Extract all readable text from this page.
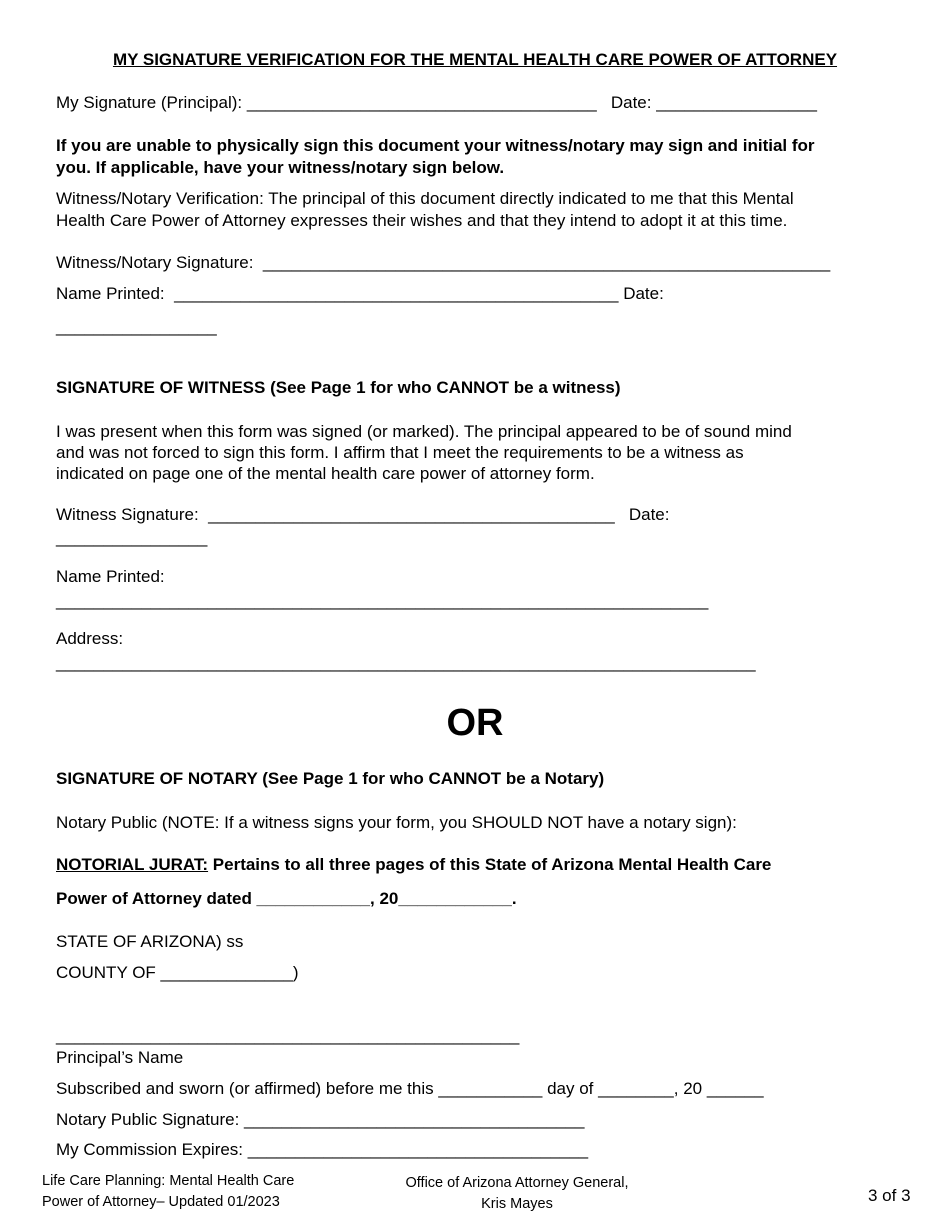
MY SIGNATURE VERIFICATION FOR THE MENTAL HEALTH CARE POWER OF ATTORNEY
My Signature (Principal): _____________________________________   Date: _________________
If you are unable to physically sign this document your witness/notary may sign and initial for
you. If applicable, have your witness/notary sign below.
Witness/Notary Verification: The principal of this document directly indicated to me that this Mental
Health Care Power of Attorney expresses their wishes and that they intend to adopt it at this time.
Witness/Notary Signature:  ____________________________________________________________
Name Printed:  _______________________________________________ Date:
_________________
SIGNATURE OF WITNESS (See Page 1 for who CANNOT be a witness)
I was present when this form was signed (or marked). The principal appeared to be of sound mind
and was not forced to sign this form. I affirm that I meet the requirements to be a witness as
indicated on page one of the mental health care power of attorney form.
Witness Signature:  ___________________________________________   Date:
________________
Name Printed:
_____________________________________________________________________
Address:
__________________________________________________________________________
OR
SIGNATURE OF NOTARY (See Page 1 for who CANNOT be a Notary)
Notary Public (NOTE: If a witness signs your form, you SHOULD NOT have a notary sign):
NOTORIAL JURAT: Pertains to all three pages of this State of Arizona Mental Health Care
Power of Attorney dated ____________, 20____________.
STATE OF ARIZONA) ss
COUNTY OF ______________)
_________________________________________________
Principal’s Name
Subscribed and sworn (or affirmed) before me this ___________ day of ________, 20 ______
Notary Public Signature: ____________________________________
My Commission Expires: ____________________________________
Life Care Planning: Mental Health Care
Power of Attorney– Updated 01/2023
Office of Arizona Attorney General,
Kris Mayes	3 of 3
